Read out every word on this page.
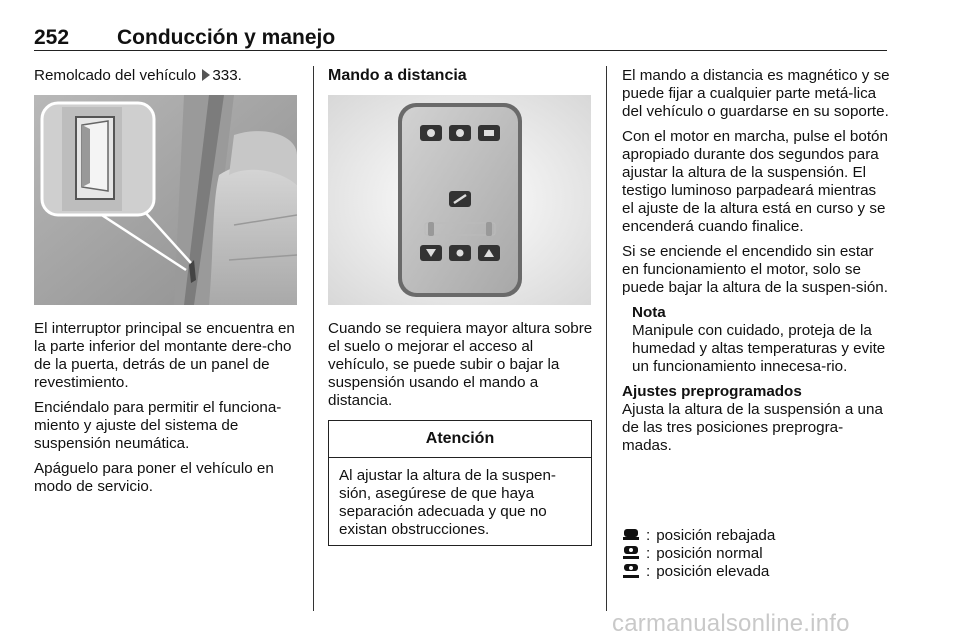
252 Conducción y manejo
Remolcado del vehículo 333.

El interruptor principal se encuentra en la parte inferior del montante dere-cho de la puerta, detrás de un panel de revestimiento.

Enciéndalo para permitir el funciona-miento y ajuste del sistema de suspensión neumática.

Apáguelo para poner el vehículo en modo de servicio.

Mando a distancia
Cuando se requiera mayor altura sobre el suelo o mejorar el acceso al vehículo, se puede subir o bajar la suspensión usando el mando a distancia.
Atención
Al ajustar la altura de la suspen-sión, asegúrese de que haya separación adecuada y que no existan obstrucciones.

El mando a distancia es magnético y se puede fijar a cualquier parte metá-lica del vehículo o guardarse en su soporte.

Con el motor en marcha, pulse el botón apropiado durante dos segundos para ajustar la altura de la suspensión. El testigo luminoso parpadeará mientras el ajuste de la altura está en curso y se encenderá cuando finalice.

Si se enciende el encendido sin estar en funcionamiento el motor, solo se puede bajar la altura de la suspen-sión.

Nota
Manipule con cuidado, proteja de la humedad y altas temperaturas y evite un funcionamiento innecesa-rio.
Ajustes preprogramados

Ajusta la altura de la suspensión a una de las tres posiciones preprogra-madas.

: posición rebajada
: posición normal
: posición elevada
carmanualsonline.info
